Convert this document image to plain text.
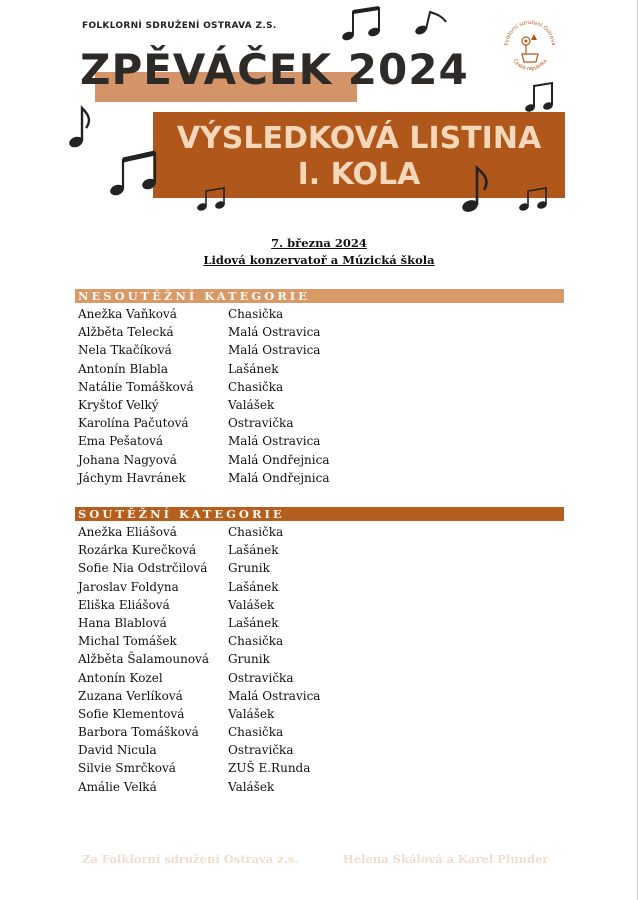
FOLKLORNÍ SDRUŽENÍ OSTRAVA Z.S.
ZPĚVÁČEK 2024
VÝSLEDKOVÁ LISTINA
I. KOLA
Folklorní sdružení Ostrava
Česká republika
7. března 2024
Lidová konzervatoř a Múzická škola
NESOUTĚŽNÍ KATEGORIE
Anežka Vaňková	Chasička
Alžběta Telecká	Malá Ostravica
Nela Tkačíková	Malá Ostravica
Antonín Blabla	Lašánek
Natálie Tomášková	Chasička
Kryštof Velký	Valášek
Karolína Pačutová	Ostravička
Ema Pešatová	Malá Ostravica
Johana Nagyová	Malá Ondřejnica
Jáchym Havránek	Malá Ondřejnica
SOUTĚŽNÍ KATEGORIE
Anežka Eliášová	Chasička
Rozárka Kurečková	Lašánek
Sofie Nia Odstrčilová Grunik
Jaroslav Foldyna	Lašánek
Eliška Eliášová	Valášek
Hana Blablová	Lašánek
Michal Tomášek	Chasička
Alžběta Šalamounová Grunik
Antonín Kozel	Ostravička
Zuzana Verlíková	Malá Ostravica
Sofie Klementová	Valášek
Barbora Tomášková Chasička
David Nicula	Ostravička
Silvie Smrčková	ZUŠ E.Runda
Amálie Velká	Valášek
Za Folklorní sdružení Ostrava z.s.	Helena Skálová a Karel Plunder
